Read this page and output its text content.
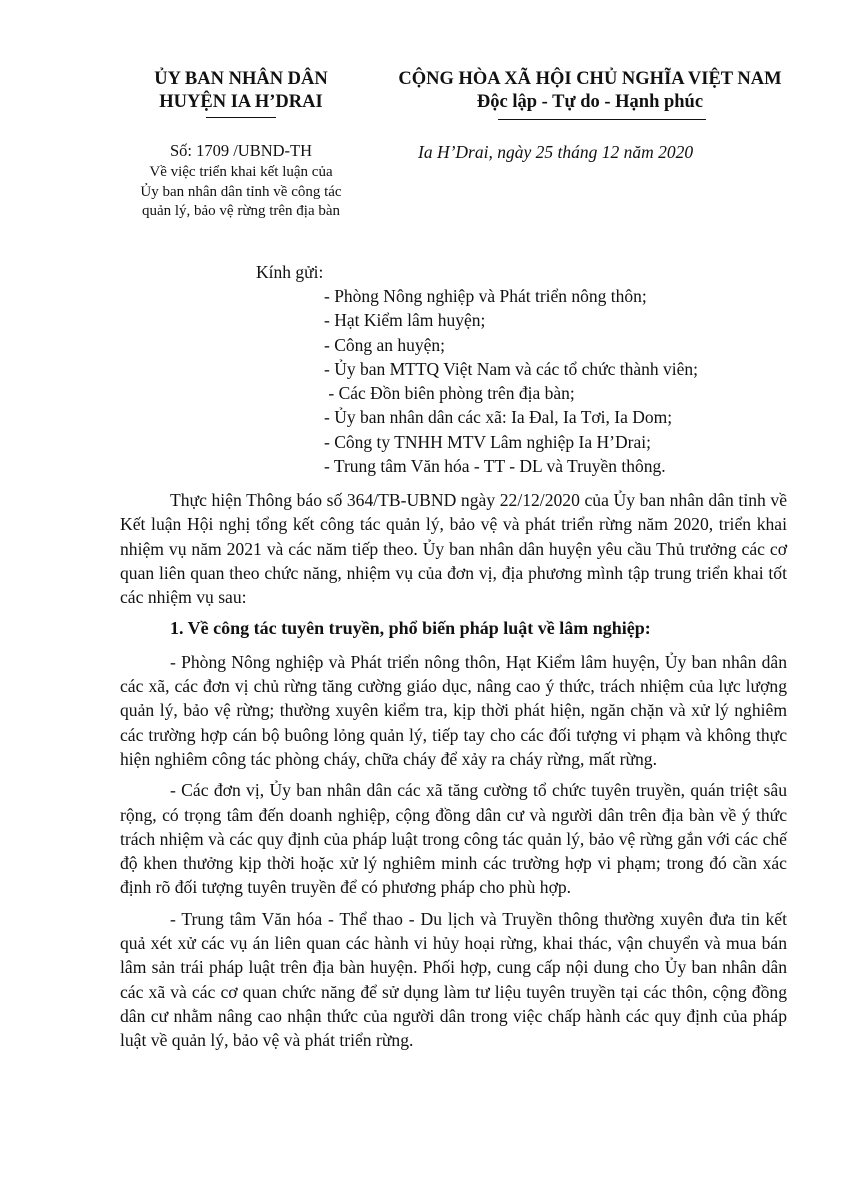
ỦY BAN NHÂN DÂN
HUYỆN IA H’DRAI
CỘNG HÒA XÃ HỘI CHỦ NGHĨA VIỆT NAM
Độc lập - Tự do - Hạnh phúc
Số: 1709 /UBND-TH
Về việc triển khai kết luận của
Ủy ban nhân dân tỉnh về công tác
quản lý, bảo vệ rừng trên địa bàn
Ia H’Drai, ngày 25 tháng 12 năm 2020
Kính gửi:
- Phòng Nông nghiệp và Phát triển nông thôn;
- Hạt Kiểm lâm huyện;
- Công an huyện;
- Ủy ban MTTQ Việt Nam và các tổ chức thành viên;
- Các Đồn biên phòng trên địa bàn;
- Ủy ban nhân dân các xã: Ia Đal, Ia Tơi, Ia Dom;
- Công ty TNHH MTV Lâm nghiệp Ia H’Drai;
- Trung tâm Văn hóa - TT - DL và Truyền thông.

Thực hiện Thông báo số 364/TB-UBND ngày 22/12/2020 của Ủy ban nhân dân tỉnh về Kết luận Hội nghị tổng kết công tác quản lý, bảo vệ và phát triển rừng năm 2020, triển khai nhiệm vụ năm 2021 và các năm tiếp theo. Ủy ban nhân dân huyện yêu cầu Thủ trưởng các cơ quan liên quan theo chức năng, nhiệm vụ của đơn vị, địa phương mình tập trung triển khai tốt các nhiệm vụ sau:

1. Về công tác tuyên truyền, phổ biến pháp luật về lâm nghiệp:

- Phòng Nông nghiệp và Phát triển nông thôn, Hạt Kiểm lâm huyện, Ủy ban nhân dân các xã, các đơn vị chủ rừng tăng cường giáo dục, nâng cao ý thức, trách nhiệm của lực lượng quản lý, bảo vệ rừng; thường xuyên kiểm tra, kịp thời phát hiện, ngăn chặn và xử lý nghiêm các trường hợp cán bộ buông lỏng quản lý, tiếp tay cho các đối tượng vi phạm và không thực hiện nghiêm công tác phòng cháy, chữa cháy để xảy ra cháy rừng, mất rừng.

- Các đơn vị, Ủy ban nhân dân các xã tăng cường tổ chức tuyên truyền, quán triệt sâu rộng, có trọng tâm đến doanh nghiệp, cộng đồng dân cư và người dân trên địa bàn về ý thức trách nhiệm và các quy định của pháp luật trong công tác quản lý, bảo vệ rừng gắn với các chế độ khen thưởng kịp thời hoặc xử lý nghiêm minh các trường hợp vi phạm; trong đó cần xác định rõ đối tượng tuyên truyền để có phương pháp cho phù hợp.

- Trung tâm Văn hóa - Thể thao - Du lịch và Truyền thông thường xuyên đưa tin kết quả xét xử các vụ án liên quan các hành vi hủy hoại rừng, khai thác, vận chuyển và mua bán lâm sản trái pháp luật trên địa bàn huyện. Phối hợp, cung cấp nội dung cho Ủy ban nhân dân các xã và các cơ quan chức năng để sử dụng làm tư liệu tuyên truyền tại các thôn, cộng đồng dân cư nhằm nâng cao nhận thức của người dân trong việc chấp hành các quy định của pháp luật về quản lý, bảo vệ và phát triển rừng.
